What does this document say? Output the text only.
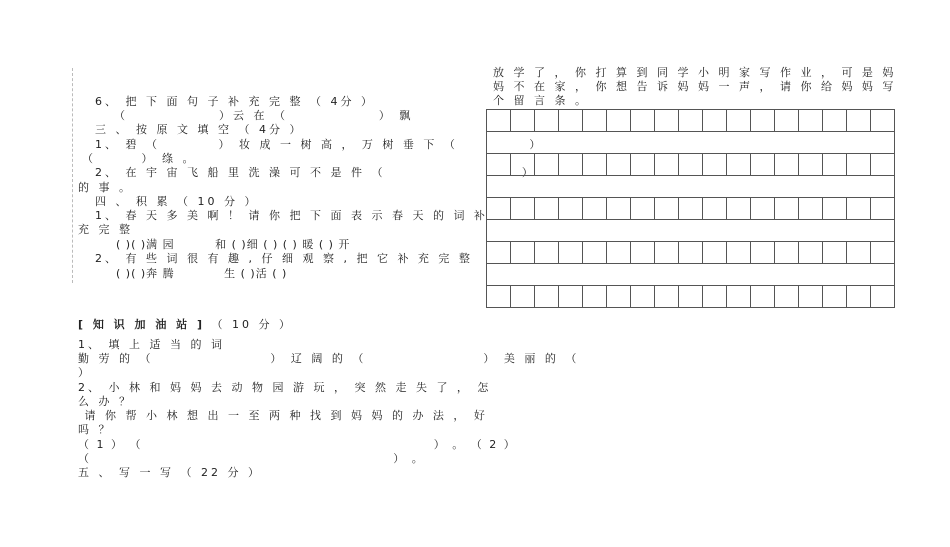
6、 把 下 面 句 子 补 充 完 整 （ 4分 ）
（              ）云 在 （              ） 飘
三 、 按 原 文 填 空 （ 4分 ）
1、 碧 （         ） 妆 成 一 树 高 ， 万 树 垂 下 （           ）
（       ） 绦 。
2、 在 宇 宙 飞 船 里 洗 澡 可 不 是 件 （                     ）
的 事 。
四 、 积 累 （ 10 分 ）
1、 春 天 多 美 啊 ！ 请 你 把 下 面 表 示 春 天 的 词 补
充 完 整
( )( )满 园         和 ( )细 ( ) ( ) 暖 ( ) 开
2、 有 些 词 很 有 趣 , 仔 细 观 察 , 把 它 补 充 完 整
( )( )奔 腾           生 ( )活 ( )
[ 知 识 加 油 站 ] （ 10 分 ）
1、 填 上 适 当 的 词
勤 劳 的 （                  ） 辽 阔 的 （                  ） 美 丽 的 （
）
2、 小 林 和 妈 妈 去 动 物 园 游 玩 ， 突 然 走 失 了 ， 怎
么 办 ？
请 你 帮 小 林 想 出 一 至 两 种 找 到 妈 妈 的 办 法 ， 好
吗 ？
（ 1 ） （                                                     ） 。 （ 2 ）
（                                                       ） 。
五 、 写 一 写 （ 22 分 ）
放 学 了 ， 你 打 算 到 同 学 小 明 家 写 作 业 ， 可 是 妈
妈 不 在 家 ， 你 想 告 诉 妈 妈 一 声 ， 请 你 给 妈 妈 写
个 留 言 条 。
